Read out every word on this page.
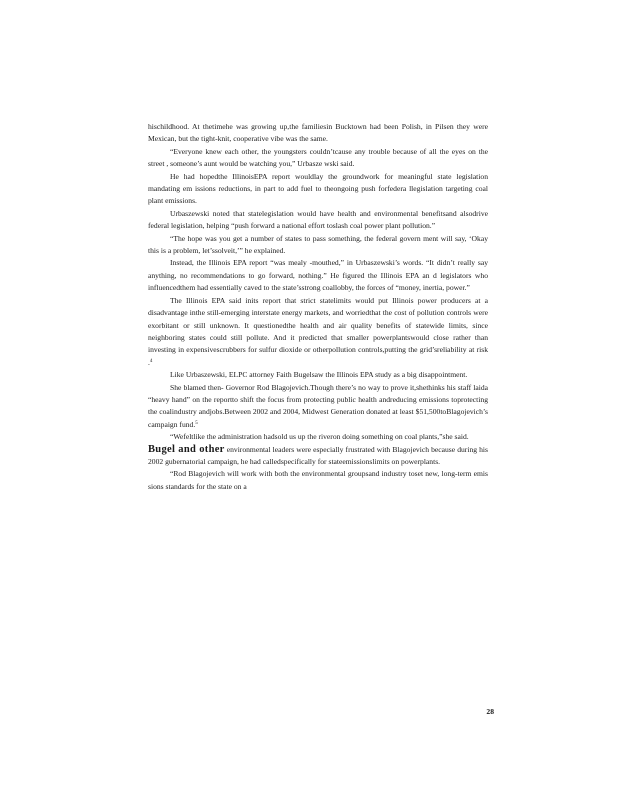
hischildhood. At thetimehe was growing up,the familiesin Bucktown had been Polish, in Pilsen they were Mexican, but the tight-knit, cooperative vibe was the same.

“Everyone knew each other, the youngsters couldn’tcause any trouble because of all the eyes on the street , someone’s aunt would be watching you,” Urbasze wski said.

He had hopedthe IllinoisEPA report wouldlay the groundwork for meaningful state legislation mandating em issions reductions, in part to add fuel to theongoing push forfedera llegislation targeting coal plant emissions.

Urbaszewski noted that statelegislation would have health and environmental benefitsand alsodrive federal legislation, helping “push forward a national effort toslash coal power plant pollution.”

“The hope was you get a number of states to pass something, the federal govern ment will say, ‘Okay this is a problem, let’ssolveit,’” he explained.

Instead, the Illinois EPA report “was mealy -mouthed,” in Urbaszewski’s words. “It didn’t really say anything, no recommendations to go forward, nothing.” He figured the Illinois EPA an d legislators who influencedthem had essentially caved to the state’sstrong coallobby, the forces of “money, inertia, power.”

The Illinois EPA said inits report that strict statelimits would put Illinois power producers at a disadvantage inthe still-emerging interstate energy markets, and worriedthat the cost of pollution controls were exorbitant or still unknown. It questionedthe health and air quality benefits of statewide limits, since neighboring states could still pollute. And it predicted that smaller powerplantswould close rather than investing in expensivescrubbers for sulfur dioxide or otherpollution controls,putting the grid’sreliability at risk .$^4$

Like Urbaszewski, ELPC attorney Faith Bugelsaw the Illinois EPA study as a big disappointment.

She blamed then- Governor Rod Blagojevich.Though there’s no way to prove it,shethinks his staff laida “heavy hand” on the reportto shift the focus from protecting public health andreducing emissions toprotecting the coalindustry andjobs.Between 2002 and 2004, Midwest Generation donated at least $51,500toBlagojevich’s campaign fund.$^5$

“Wefeltlike the administration hadsold us up the riveron doing something on coal plants,”she said.

Bugel and other environmental leaders were especially frustrated with Blagojevich because during his 2002 gubernatorial campaign, he had calledspecifically for stateemissionslimits on powerplants.

“Rod Blagojevich will work with both the environmental groupsand industry toset new, long-term emis sions standards for the state on a

28
